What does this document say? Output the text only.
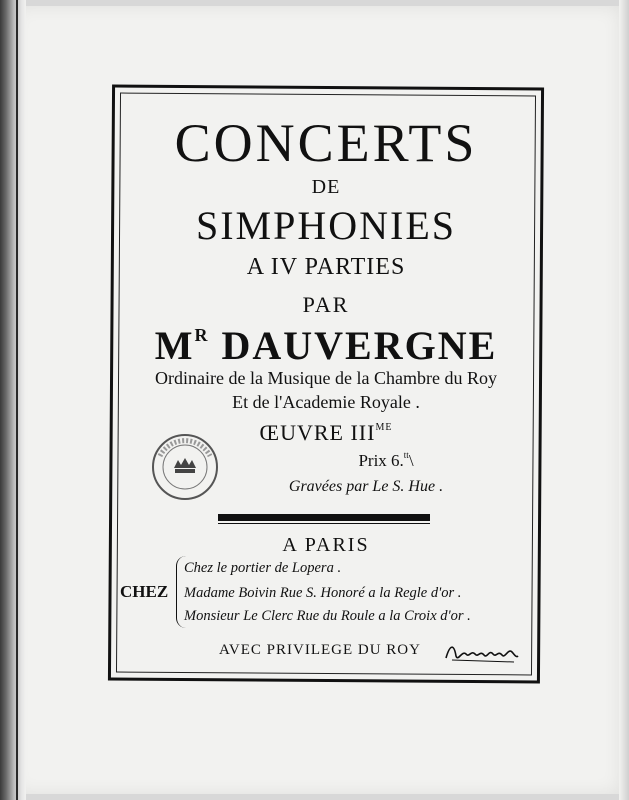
CONCERTS
DE
SIMPHONIES
A IV PARTIES
PAR
$M^R$ DAUVERGNE
Ordinaire de la Musique de la Chambre du Roy
Et de l'Academie Royale .
ŒUVRE $III^{ME}$
Prix 6.$^{tt}$\
Gravées par Le S. Hue .
A PARIS
CHEZ
Chez le portier de Lopera .
Madame Boivin Rue S. Honoré a la Regle d'or .
Monsieur Le Clerc Rue du Roule a la Croix d'or .
AVEC PRIVILEGE DU ROY
